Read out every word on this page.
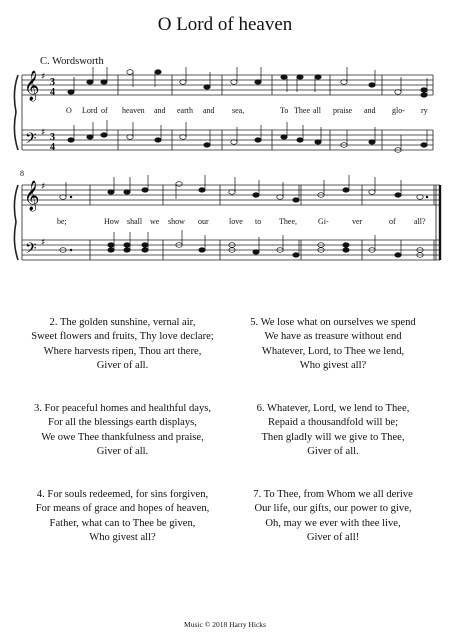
O Lord of heaven
C. Wordsworth
𝄞
𝄢
♯
♯
3
4
3
4
O Lord of heaven and earth and sea,	To Thee all praise and glo- ry
8
𝄞
𝄢
♯
♯
be;	How shall we show our	love to Thee,	Gi-	ver	of all?
2. The golden sunshine, vernal air,
Sweet flowers and fruits, Thy love declare;
Where harvests ripen, Thou art there,
Giver of all.
3. For peaceful homes and healthful days,
For all the blessings earth displays,
We owe Thee thankfulness and praise,
Giver of all.
4. For souls redeemed, for sins forgiven,
For means of grace and hopes of heaven,
Father, what can to Thee be given,
Who givest all?
5. We lose what on ourselves we spend
We have as treasure without end
Whatever, Lord, to Thee we lend,
Who givest all?
6. Whatever, Lord, we lend to Thee,
Repaid a thousandfold will be;
Then gladly will we give to Thee,
Giver of all.
7. To Thee, from Whom we all derive
Our life, our gifts, our power to give,
Oh, may we ever with thee live,
Giver of all!
Music © 2018 Harry Hicks
